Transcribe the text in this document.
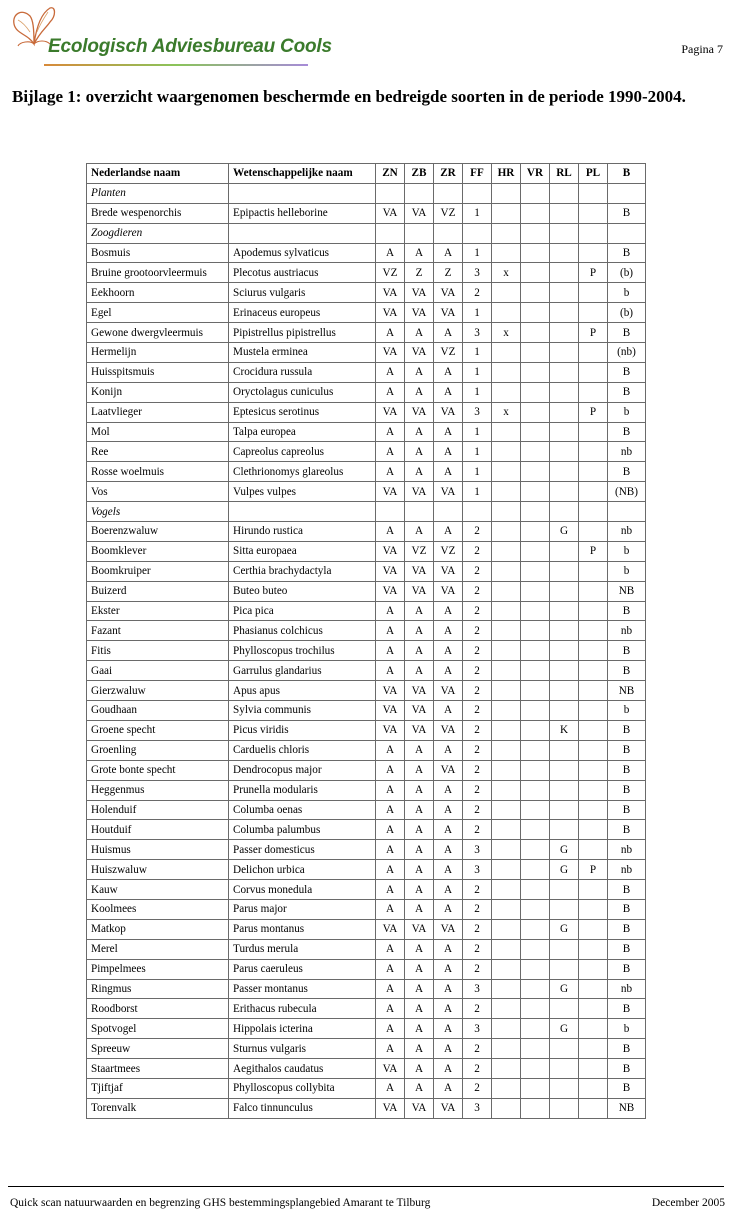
Ecologisch Adviesbureau Cools	Pagina 7
Bijlage 1: overzicht waargenomen beschermde en bedreigde soorten in de periode 1990-2004.
Nederlandse naam	Wetenschappelijke naam	ZN	ZB	ZR	FF	HR	VR	RL	PL	B
Planten										
Brede wespenorchis	Epipactis helleborine	VA	VA	VZ	1					B
Zoogdieren										
Bosmuis	Apodemus sylvaticus	A	A	A	1					B
Bruine grootoorvleermuis	Plecotus austriacus	VZ	Z	Z	3	x			P	(b)
Eekhoorn	Sciurus vulgaris	VA	VA	VA	2					b
Egel	Erinaceus europeus	VA	VA	VA	1					(b)
Gewone dwergvleermuis	Pipistrellus pipistrellus	A	A	A	3	x			P	B
Hermelijn	Mustela erminea	VA	VA	VZ	1					(nb)
Huisspitsmuis	Crocidura russula	A	A	A	1					B
Konijn	Oryctolagus cuniculus	A	A	A	1					B
Laatvlieger	Eptesicus serotinus	VA	VA	VA	3	x			P	b
Mol	Talpa europea	A	A	A	1					B
Ree	Capreolus capreolus	A	A	A	1					nb
Rosse woelmuis	Clethrionomys glareolus	A	A	A	1					B
Vos	Vulpes vulpes	VA	VA	VA	1					(NB)
Vogels										
Boerenzwaluw	Hirundo rustica	A	A	A	2			G		nb
Boomklever	Sitta europaea	VA	VZ	VZ	2				P	b
Boomkruiper	Certhia brachydactyla	VA	VA	VA	2					b
Buizerd	Buteo buteo	VA	VA	VA	2					NB
Ekster	Pica pica	A	A	A	2					B
Fazant	Phasianus colchicus	A	A	A	2					nb
Fitis	Phylloscopus trochilus	A	A	A	2					B
Gaai	Garrulus glandarius	A	A	A	2					B
Gierzwaluw	Apus apus	VA	VA	VA	2					NB
Goudhaan	Sylvia communis	VA	VA	A	2					b
Groene specht	Picus viridis	VA	VA	VA	2			K		B
Groenling	Carduelis chloris	A	A	A	2					B
Grote bonte specht	Dendrocopus major	A	A	VA	2					B
Heggenmus	Prunella modularis	A	A	A	2					B
Holenduif	Columba oenas	A	A	A	2					B
Houtduif	Columba palumbus	A	A	A	2					B
Huismus	Passer domesticus	A	A	A	3			G		nb
Huiszwaluw	Delichon urbica	A	A	A	3			G	P	nb
Kauw	Corvus monedula	A	A	A	2					B
Koolmees	Parus major	A	A	A	2					B
Matkop	Parus montanus	VA	VA	VA	2			G		B
Merel	Turdus merula	A	A	A	2					B
Pimpelmees	Parus caeruleus	A	A	A	2					B
Ringmus	Passer montanus	A	A	A	3			G		nb
Roodborst	Erithacus rubecula	A	A	A	2					B
Spotvogel	Hippolais icterina	A	A	A	3			G		b
Spreeuw	Sturnus vulgaris	A	A	A	2					B
Staartmees	Aegithalos caudatus	VA	A	A	2					B
Tjiftjaf	Phylloscopus collybita	A	A	A	2					B
Torenvalk	Falco tinnunculus	VA	VA	VA	3					NB
Quick scan natuurwaarden en begrenzing GHS bestemmingsplangebied Amarant te Tilburg	December 2005
